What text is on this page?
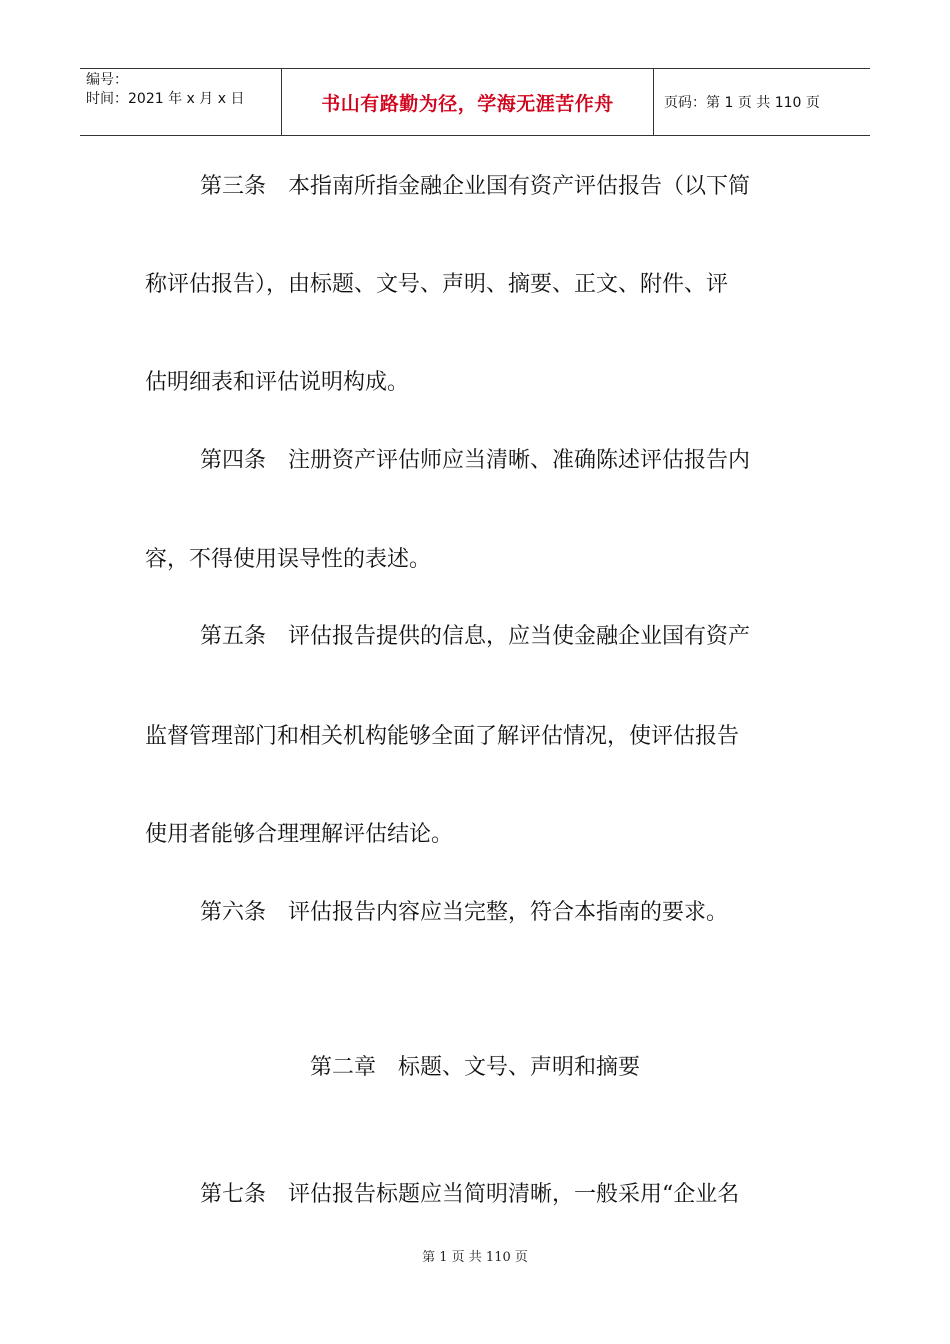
编号：
时间：2021 年 x 月 x 日	书山有路勤为径，学海无涯苦作舟	页码：第 1 页 共 110 页

第三条　本指南所指金融企业国有资产评估报告（以下简

称评估报告），由标题、文号、声明、摘要、正文、附件、评

估明细表和评估说明构成。

第四条　注册资产评估师应当清晰、准确陈述评估报告内

容，不得使用误导性的表述。

第五条　评估报告提供的信息，应当使金融企业国有资产

监督管理部门和相关机构能够全面了解评估情况，使评估报告

使用者能够合理理解评估结论。

第六条　评估报告内容应当完整，符合本指南的要求。

第二章　标题、文号、声明和摘要

第七条　评估报告标题应当简明清晰，一般采用“企业名

第 1 页 共 110 页
